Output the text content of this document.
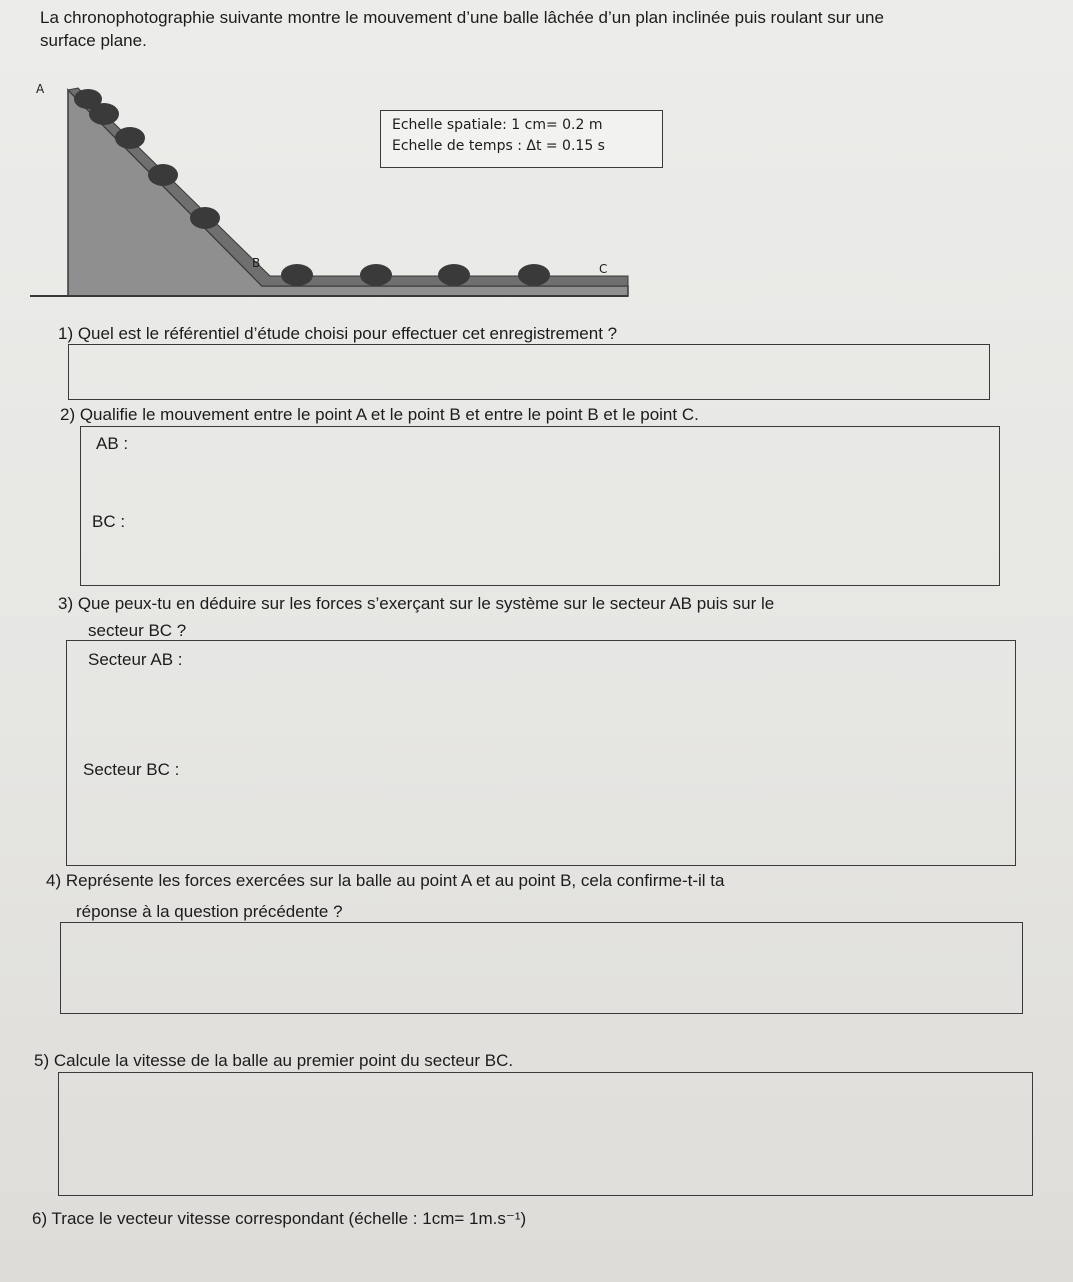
La chronophotographie suivante montre le mouvement d’une balle lâchée d’un plan inclinée puis roulant sur une surface plane.
A
B	C
Echelle spatiale: 1 cm= 0.2 m
Echelle de temps : Δt = 0.15 s
1) Quel est le référentiel d’étude choisi pour effectuer cet enregistrement ?
2) Qualifie le mouvement entre le point A et le point B et entre le point B et le point C.
AB :
BC :
3) Que peux-tu en déduire sur les forces s’exerçant sur le système sur le secteur AB puis sur le
secteur BC ?
Secteur AB :
Secteur BC :
4) Représente les forces exercées sur la balle au point A et au point B, cela confirme-t-il ta
réponse à la question précédente ?
5) Calcule la vitesse de la balle au premier point du secteur BC.
6) Trace le vecteur vitesse correspondant (échelle : 1cm= 1m.s⁻¹)
